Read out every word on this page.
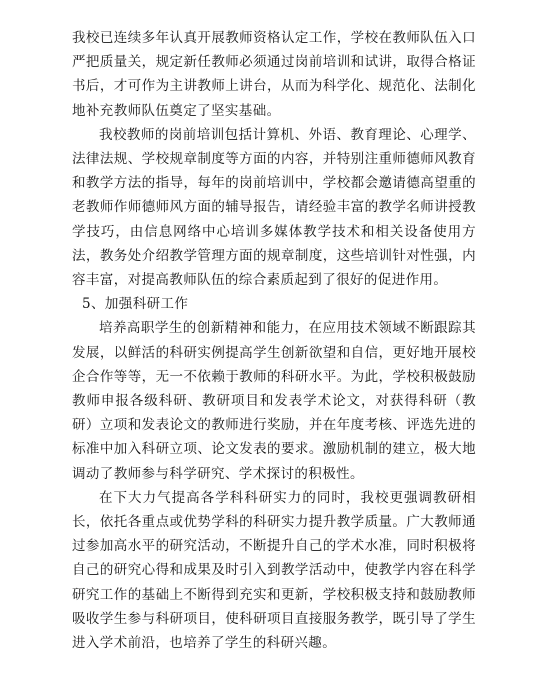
我校已连续多年认真开展教师资格认定工作，学校在教师队伍入口严把质量关，规定新任教师必须通过岗前培训和试讲，取得合格证书后，才可作为主讲教师上讲台，从而为科学化、规范化、法制化地补充教师队伍奠定了坚实基础。

我校教师的岗前培训包括计算机、外语、教育理论、心理学、法律法规、学校规章制度等方面的内容，并特别注重师德师风教育和教学方法的指导，每年的岗前培训中，学校都会邀请德高望重的老教师作师德师风方面的辅导报告，请经验丰富的教学名师讲授教学技巧，由信息网络中心培训多媒体教学技术和相关设备使用方法，教务处介绍教学管理方面的规章制度，这些培训针对性强，内容丰富，对提高教师队伍的综合素质起到了很好的促进作用。

5、加强科研工作

培养高职学生的创新精神和能力，在应用技术领域不断跟踪其发展，以鲜活的科研实例提高学生创新欲望和自信，更好地开展校企合作等等，无一不依赖于教师的科研水平。为此，学校积极鼓励教师申报各级科研、教研项目和发表学术论文，对获得科研（教研）立项和发表论文的教师进行奖励，并在年度考核、评选先进的标准中加入科研立项、论文发表的要求。激励机制的建立，极大地调动了教师参与科学研究、学术探讨的积极性。

在下大力气提高各学科科研实力的同时，我校更强调教研相长，依托各重点或优势学科的科研实力提升教学质量。广大教师通过参加高水平的研究活动，不断提升自己的学术水准，同时积极将自己的研究心得和成果及时引入到教学活动中，使教学内容在科学研究工作的基础上不断得到充实和更新，学校积极支持和鼓励教师吸收学生参与科研项目，使科研项目直接服务教学，既引导了学生进入学术前沿，也培养了学生的科研兴趣。
